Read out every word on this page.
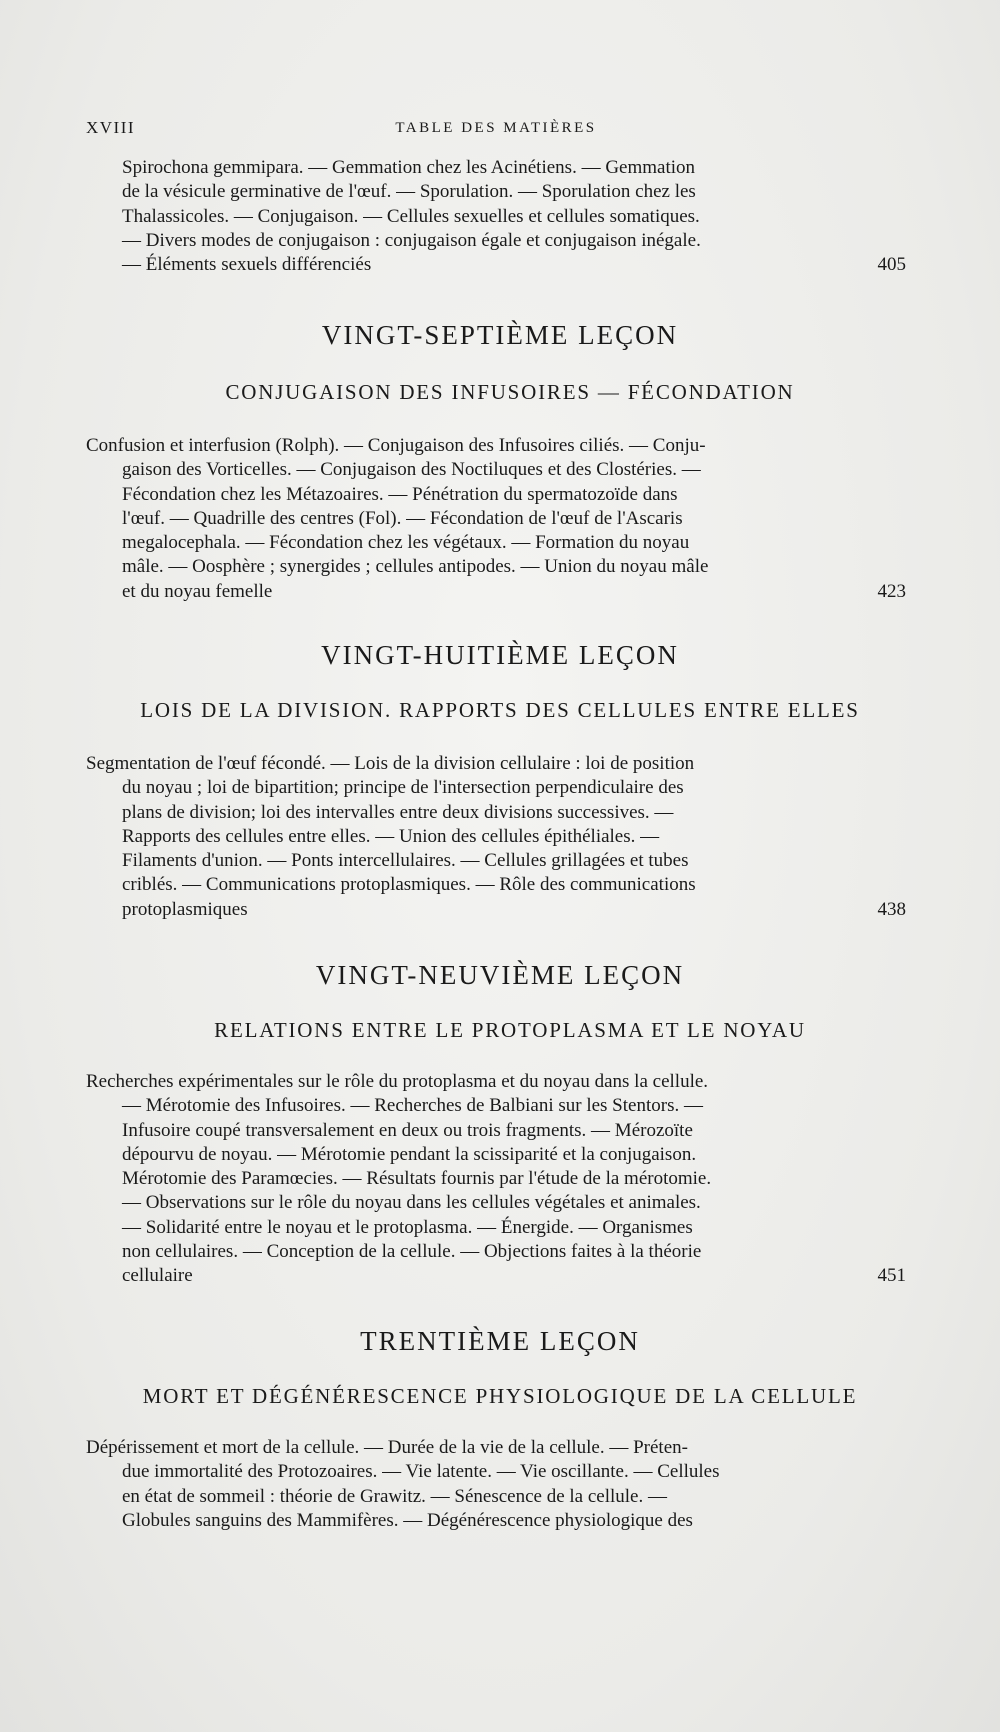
XVIII	TABLE DES MATIÈRES
Spirochona gemmipara. — Gemmation chez les Acinétiens. — Gemmation
de la vésicule germinative de l'œuf. — Sporulation. — Sporulation chez les
Thalassicoles. — Conjugaison. — Cellules sexuelles et cellules somatiques.
— Divers modes de conjugaison : conjugaison égale et conjugaison inégale.
— Éléments sexuels différenciés	405
VINGT-SEPTIÈME LEÇON
CONJUGAISON DES INFUSOIRES — FÉCONDATION
Confusion et interfusion (Rolph). — Conjugaison des Infusoires ciliés. — Conju-
gaison des Vorticelles. — Conjugaison des Noctiluques et des Clostéries. —
Fécondation chez les Métazoaires. — Pénétration du spermatozoïde dans
l'œuf. — Quadrille des centres (Fol). — Fécondation de l'œuf de l'Ascaris
megalocephala. — Fécondation chez les végétaux. — Formation du noyau
mâle. — Oosphère ; synergides ; cellules antipodes. — Union du noyau mâle
et du noyau femelle	423
VINGT-HUITIÈME LEÇON
LOIS DE LA DIVISION. RAPPORTS DES CELLULES ENTRE ELLES
Segmentation de l'œuf fécondé. — Lois de la division cellulaire : loi de position
du noyau ; loi de bipartition; principe de l'intersection perpendiculaire des
plans de division; loi des intervalles entre deux divisions successives. —
Rapports des cellules entre elles. — Union des cellules épithéliales. —
Filaments d'union. — Ponts intercellulaires. — Cellules grillagées et tubes
criblés. — Communications protoplasmiques. — Rôle des communications
protoplasmiques	438
VINGT-NEUVIÈME LEÇON
RELATIONS ENTRE LE PROTOPLASMA ET LE NOYAU
Recherches expérimentales sur le rôle du protoplasma et du noyau dans la cellule.
— Mérotomie des Infusoires. — Recherches de Balbiani sur les Stentors. —
Infusoire coupé transversalement en deux ou trois fragments. — Mérozoïte
dépourvu de noyau. — Mérotomie pendant la scissiparité et la conjugaison.
Mérotomie des Paramœcies. — Résultats fournis par l'étude de la mérotomie.
— Observations sur le rôle du noyau dans les cellules végétales et animales.
— Solidarité entre le noyau et le protoplasma. — Énergide. — Organismes
non cellulaires. — Conception de la cellule. — Objections faites à la théorie
cellulaire	451
TRENTIÈME LEÇON
MORT ET DÉGÉNÉRESCENCE PHYSIOLOGIQUE DE LA CELLULE
Dépérissement et mort de la cellule. — Durée de la vie de la cellule. — Préten-
due immortalité des Protozoaires. — Vie latente. — Vie oscillante. — Cellules
en état de sommeil : théorie de Grawitz. — Sénescence de la cellule. —
Globules sanguins des Mammifères. — Dégénérescence physiologique des
